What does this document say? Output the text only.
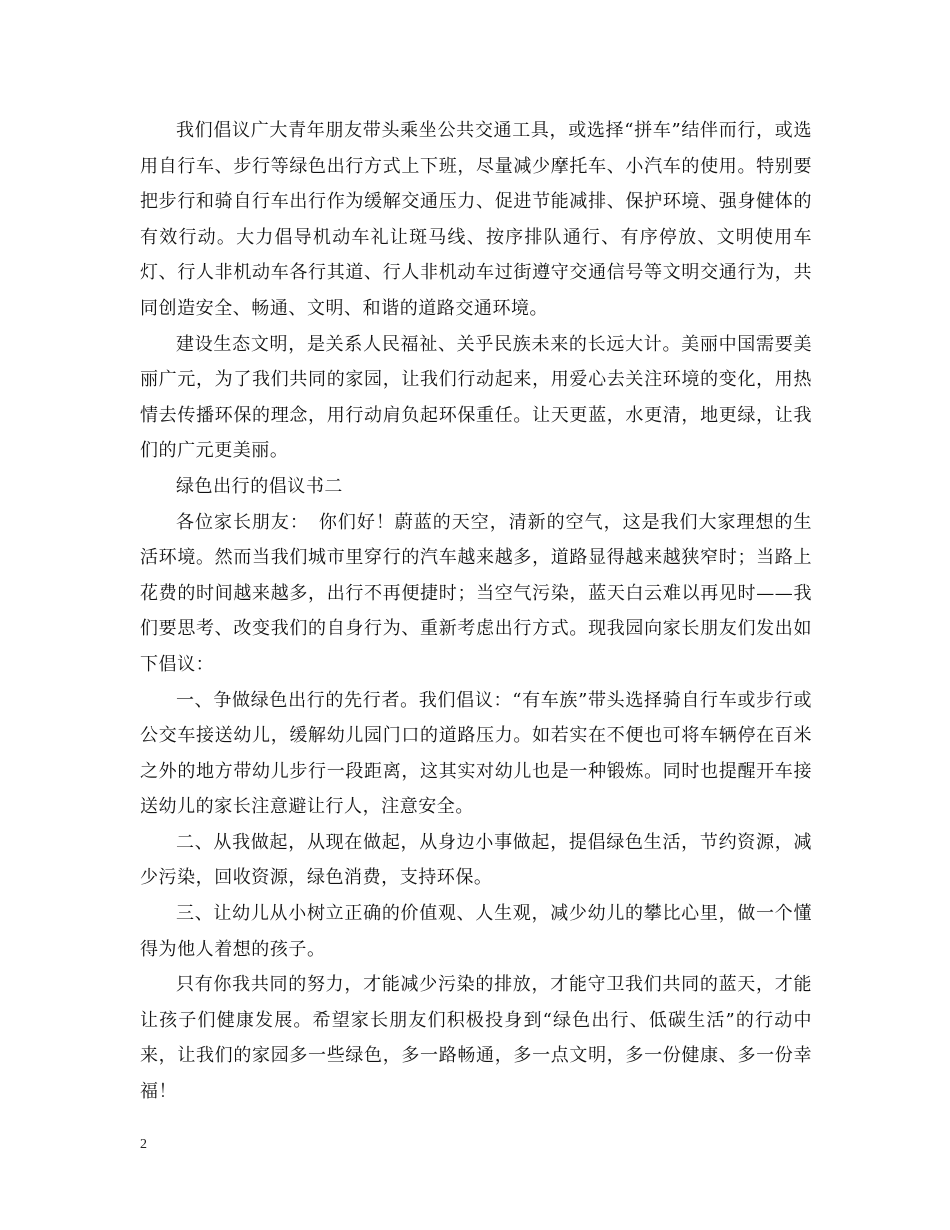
我们倡议广大青年朋友带头乘坐公共交通工具，或选择“拼车”结伴而行，或选用自行车、步行等绿色出行方式上下班，尽量减少摩托车、小汽车的使用。特别要把步行和骑自行车出行作为缓解交通压力、促进节能减排、保护环境、强身健体的有效行动。大力倡导机动车礼让斑马线、按序排队通行、有序停放、文明使用车灯、行人非机动车各行其道、行人非机动车过街遵守交通信号等文明交通行为，共同创造安全、畅通、文明、和谐的道路交通环境。

建设生态文明，是关系人民福祉、关乎民族未来的长远大计。美丽中国需要美丽广元，为了我们共同的家园，让我们行动起来，用爱心去关注环境的变化，用热情去传播环保的理念，用行动肩负起环保重任。让天更蓝，水更清，地更绿，让我们的广元更美丽。

绿色出行的倡议书二

各位家长朋友：　你们好！蔚蓝的天空，清新的空气，这是我们大家理想的生活环境。然而当我们城市里穿行的汽车越来越多，道路显得越来越狭窄时；当路上花费的时间越来越多，出行不再便捷时；当空气污染，蓝天白云难以再见时——我们要思考、改变我们的自身行为、重新考虑出行方式。现我园向家长朋友们发出如下倡议：

一、争做绿色出行的先行者。我们倡议：“有车族”带头选择骑自行车或步行或公交车接送幼儿，缓解幼儿园门口的道路压力。如若实在不便也可将车辆停在百米之外的地方带幼儿步行一段距离，这其实对幼儿也是一种锻炼。同时也提醒开车接送幼儿的家长注意避让行人，注意安全。

二、从我做起，从现在做起，从身边小事做起，提倡绿色生活，节约资源，减少污染，回收资源，绿色消费，支持环保。

三、让幼儿从小树立正确的价值观、人生观，减少幼儿的攀比心里，做一个懂得为他人着想的孩子。

只有你我共同的努力，才能减少污染的排放，才能守卫我们共同的蓝天，才能让孩子们健康发展。希望家长朋友们积极投身到“绿色出行、低碳生活”的行动中来，让我们的家园多一些绿色，多一路畅通，多一点文明，多一份健康、多一份幸福！

2
